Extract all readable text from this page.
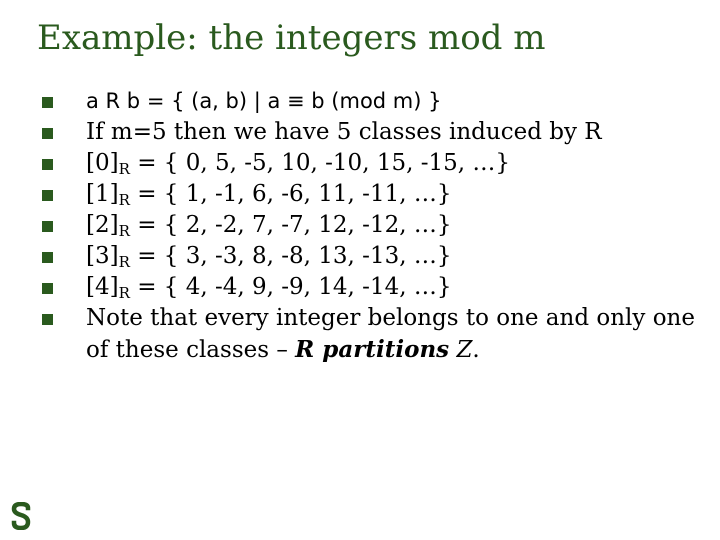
Example: the integers mod m
a R b = { (a, b) | a ≡ b (mod m) }
If m=5 then we have 5 classes induced by R
$[0]_R$ = { 0, 5, -5, 10, -10, 15, -15, …}
$[1]_R$ = { 1, -1, 6, -6, 11, -11, …}
$[2]_R$ = { 2, -2, 7, -7, 12, -12, …}
$[3]_R$ = { 3, -3, 8, -8, 13, -13, …}
$[4]_R$ = { 4, -4, 9, -9, 14, -14, …}
Note that every integer belongs to one and only one of these classes – R partitions Z.
